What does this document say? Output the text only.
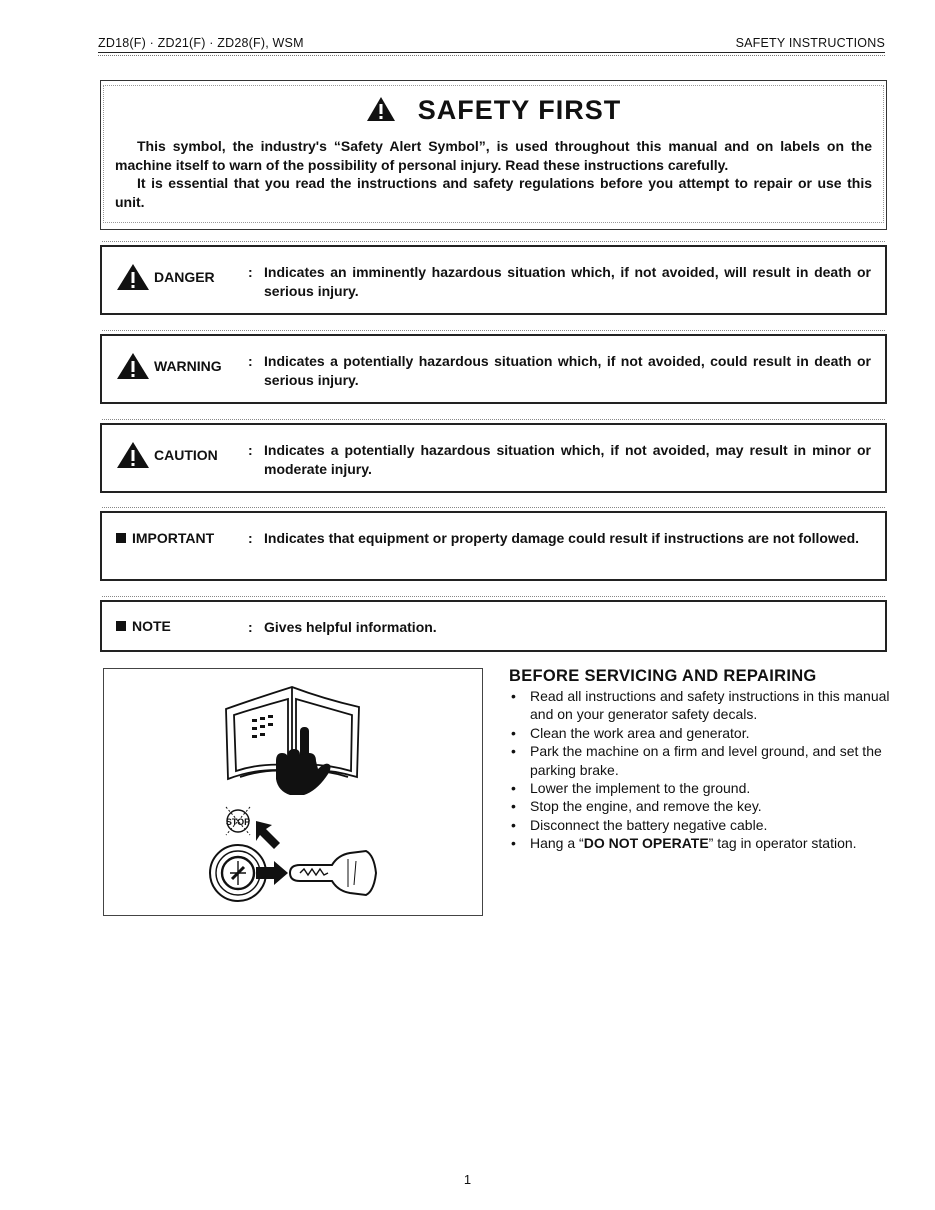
ZD18(F) · ZD21(F) · ZD28(F), WSM	SAFETY INSTRUCTIONS
SAFETY FIRST

This symbol, the industry's “Safety Alert Symbol”, is used throughout this manual and on labels on the machine itself to warn of the possibility of personal injury. Read these instructions carefully.

It is essential that you read the instructions and safety regulations before you attempt to repair or use this unit.

DANGER : Indicates an imminently hazardous situation which, if not avoided, will result in death or serious injury.
WARNING : Indicates a potentially hazardous situation which, if not avoided, could result in death or serious injury.
CAUTION : Indicates a potentially hazardous situation which, if not avoided, may result in minor or moderate injury.
IMPORTANT : Indicates that equipment or property damage could result if instructions are not followed.
NOTE	: Gives helpful information.
STOP
BEFORE SERVICING AND REPAIRING
• Read all instructions and safety instructions in this manual and on your generator safety decals.
• Clean the work area and generator.
• Park the machine on a firm and level ground, and set the parking brake.
• Lower the implement to the ground.
• Stop the engine, and remove the key.
• Disconnect the battery negative cable.
• Hang a “DO NOT OPERATE” tag in operator station.
1
